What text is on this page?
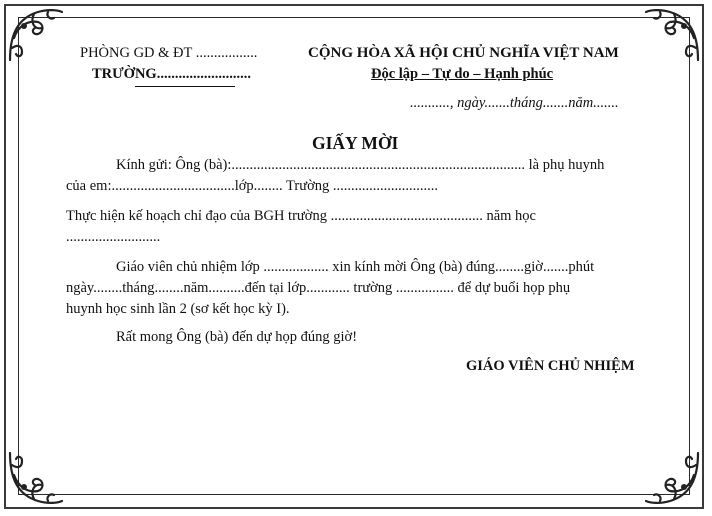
PHÒNG GD & ĐT .................
TRƯỜNG..........................
CỘNG HÒA XÃ HỘI CHỦ NGHĨA VIỆT NAM
Độc lập – Tự do – Hạnh phúc
..........., ngày.......tháng.......năm.......
GIẤY MỜI
Kính gửi: Ông (bà):................................................................................. là phụ huynh
của em:..................................lớp........ Trường .............................
Thực hiện kế hoạch chỉ đạo của BGH trường .......................................... năm học
..........................
Giáo viên chủ nhiệm lớp .................. xin kính mời Ông (bà) đúng........giờ.......phút
ngày........tháng........năm..........đến tại lớp............ trường ................ để dự buổi họp phụ
huynh học sinh lần 2 (sơ kết học kỳ I).
Rất mong Ông (bà) đến dự họp đúng giờ!
GIÁO VIÊN CHỦ NHIỆM
